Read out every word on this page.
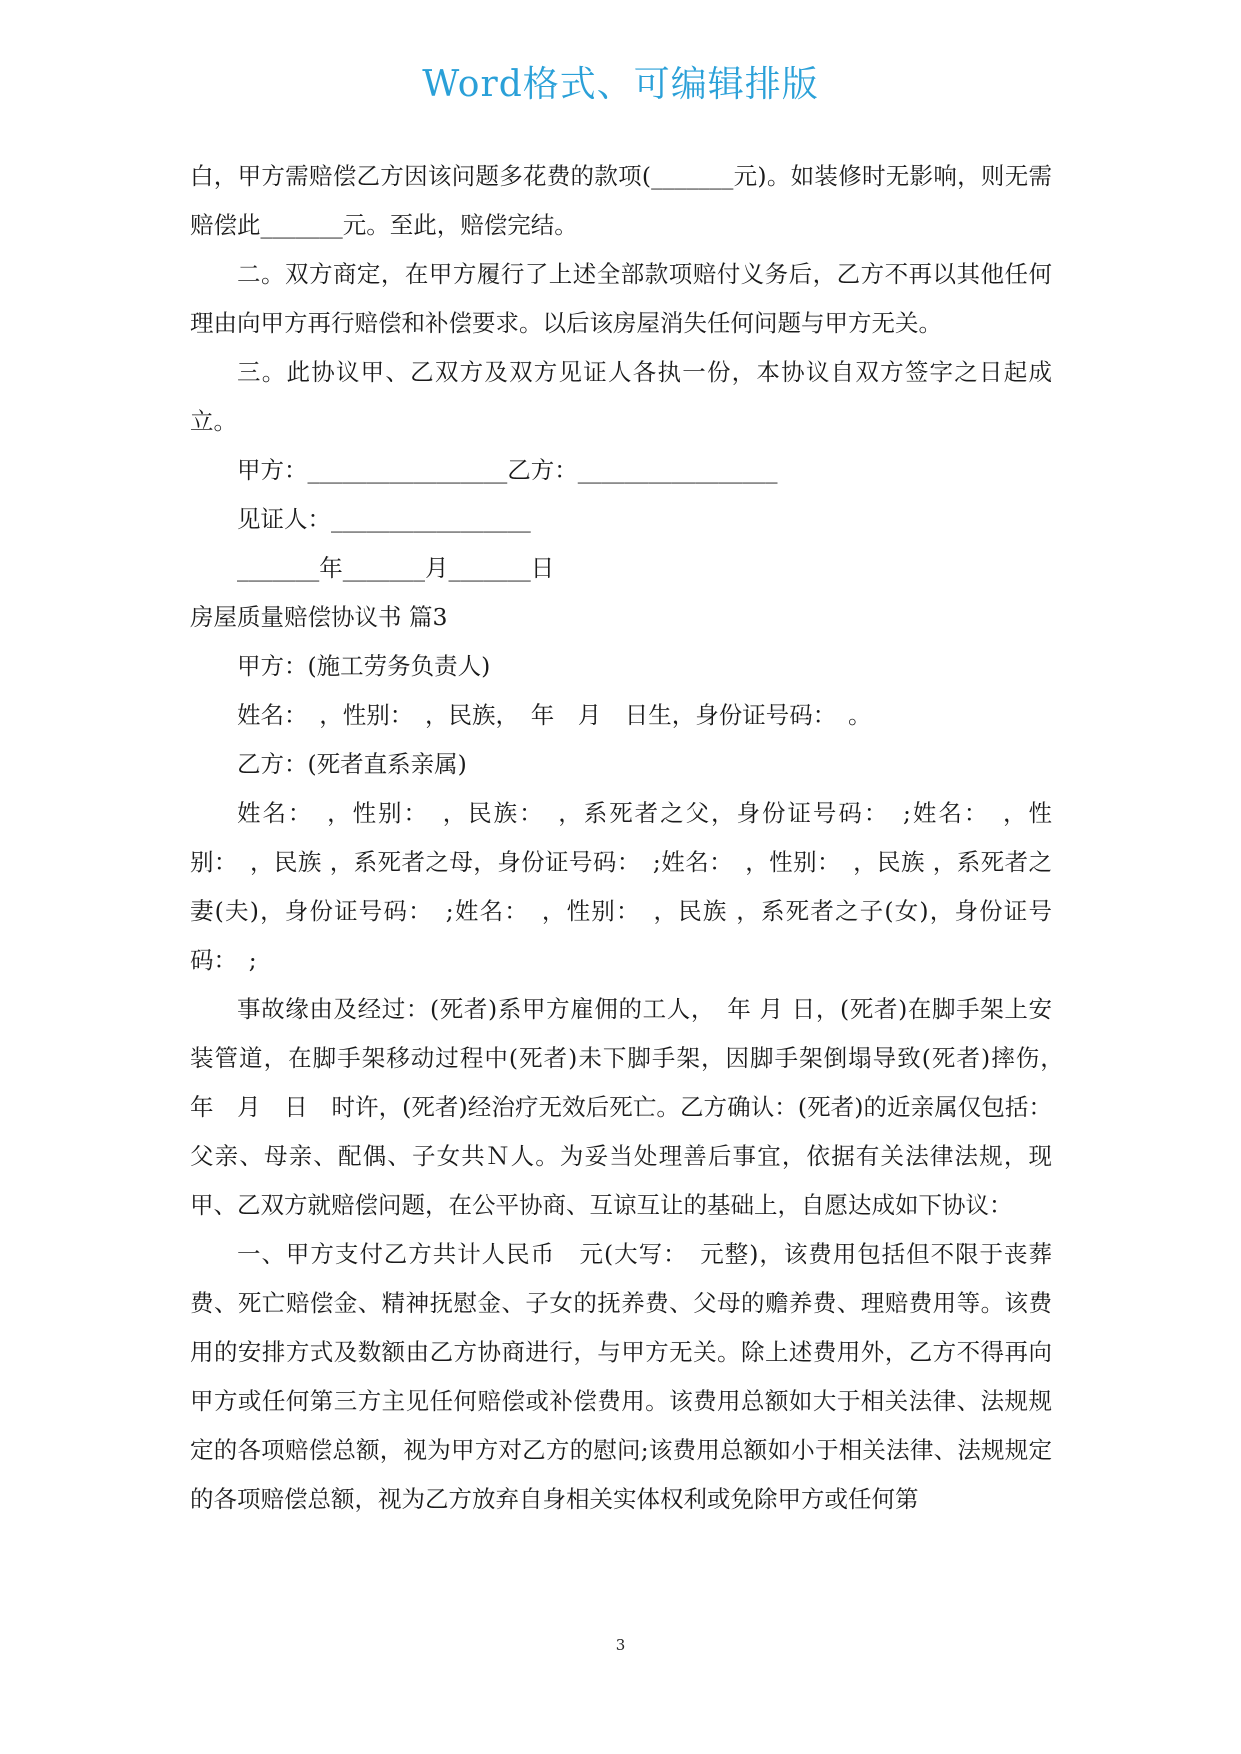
Word格式、可编辑排版

白，甲方需赔偿乙方因该问题多花费的款项(_______元)。如装修时无影响，则无需赔偿此_______元。至此，赔偿完结。

二。双方商定，在甲方履行了上述全部款项赔付义务后，乙方不再以其他任何理由向甲方再行赔偿和补偿要求。以后该房屋消失任何问题与甲方无关。

三。此协议甲、乙双方及双方见证人各执一份，本协议自双方签字之日起成立。

甲方：_________________乙方：_________________

见证人：_________________

_______年_______月_______日

房屋质量赔偿协议书 篇3

甲方：(施工劳务负责人)

姓名：　，性别：　，民族，　年　月　日生，身份证号码：　。

乙方：(死者直系亲属)

姓名：　，性别：　，民族：　，系死者之父，身份证号码：　;姓名：　，性别：　，民族 ，系死者之母，身份证号码：　;姓名：　，性别：　，民族 ，系死者之妻(夫)，身份证号码：　;姓名：　，性别：　，民族 ，系死者之子(女)，身份证号码：　;

事故缘由及经过：(死者)系甲方雇佣的工人，　年 月 日，(死者)在脚手架上安装管道，在脚手架移动过程中(死者)未下脚手架，因脚手架倒塌导致(死者)摔伤，　年　月　日　时许，(死者)经治疗无效后死亡。乙方确认：(死者)的近亲属仅包括：父亲、母亲、配偶、子女共Ｎ人。为妥当处理善后事宜，依据有关法律法规，现甲、乙双方就赔偿问题，在公平协商、互谅互让的基础上，自愿达成如下协议：

一、甲方支付乙方共计人民币　元(大写：　元整)，该费用包括但不限于丧葬费、死亡赔偿金、精神抚慰金、子女的抚养费、父母的赡养费、理赔费用等。该费用的安排方式及数额由乙方协商进行，与甲方无关。除上述费用外，乙方不得再向甲方或任何第三方主见任何赔偿或补偿费用。该费用总额如大于相关法律、法规规定的各项赔偿总额，视为甲方对乙方的慰问;该费用总额如小于相关法律、法规规定的各项赔偿总额，视为乙方放弃自身相关实体权利或免除甲方或任何第

3
